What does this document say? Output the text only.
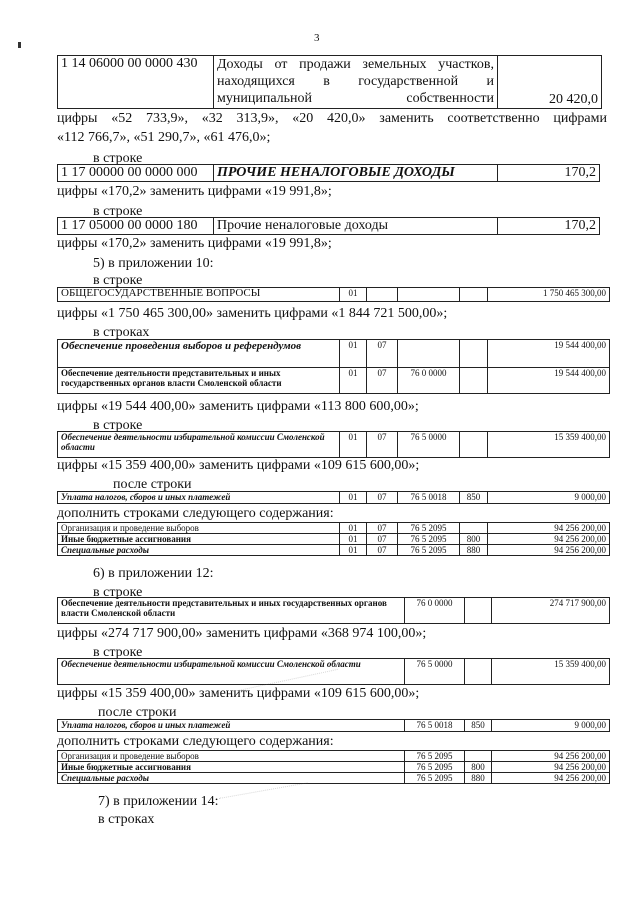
3
1 14 06000 00 0000 430	Доходы от продажи земельных участков, находящихся в государственной и муниципальной собственности	20 420,0
цифры «52 733,9», «32 313,9», «20 420,0» заменить соответственно цифрами
«112 766,7», «51 290,7», «61 476,0»;
в строке
1 17 00000 00 0000 000	ПРОЧИЕ НЕНАЛОГОВЫЕ ДОХОДЫ	170,2
цифры «170,2» заменить цифрами «19 991,8»;
в строке
1 17 05000 00 0000 180	Прочие неналоговые доходы	170,2
цифры «170,2» заменить цифрами «19 991,8»;
5) в приложении 10:
в строке
ОБЩЕГОСУДАРСТВЕННЫЕ ВОПРОСЫ	01				1 750 465 300,00
цифры «1 750 465 300,00» заменить цифрами «1 844 721 500,00»;
в строках
Обеспечение проведения выборов и референдумов	01	07			19 544 400,00
Обеспечение деятельности представительных и иных государственных органов власти Смоленской области	01	07	76 0 0000		19 544 400,00
цифры «19 544 400,00» заменить цифрами «113 800 600,00»;
в строке
Обеспечение деятельности избирательной комиссии Смоленской области	01	07	76 5 0000		15 359 400,00
цифры «15 359 400,00» заменить цифрами «109 615 600,00»;
после строки
Уплата налогов, сборов и иных платежей	01	07	76 5 0018	850	9 000,00
дополнить строками следующего содержания:
Организация и проведение выборов	01	07	76 5 2095		94 256 200,00
Иные бюджетные ассигнования	01	07	76 5 2095	800	94 256 200,00
Специальные расходы	01	07	76 5 2095	880	94 256 200,00
6) в приложении 12:
в строке
Обеспечение деятельности представительных и иных государственных органов власти Смоленской области	76 0 0000		274 717 900,00
цифры «274 717 900,00» заменить цифрами «368 974 100,00»;
в строке
Обеспечение деятельности избирательной комиссии Смоленской области	76 5 0000		15 359 400,00
цифры «15 359 400,00» заменить цифрами «109 615 600,00»;
после строки
Уплата налогов, сборов и иных платежей	76 5 0018	850	9 000,00
дополнить строками следующего содержания:
Организация и проведение выборов	76 5 2095		94 256 200,00
Иные бюджетные ассигнования	76 5 2095	800	94 256 200,00
Специальные расходы	76 5 2095	880	94 256 200,00
7) в приложении 14:
в строках
